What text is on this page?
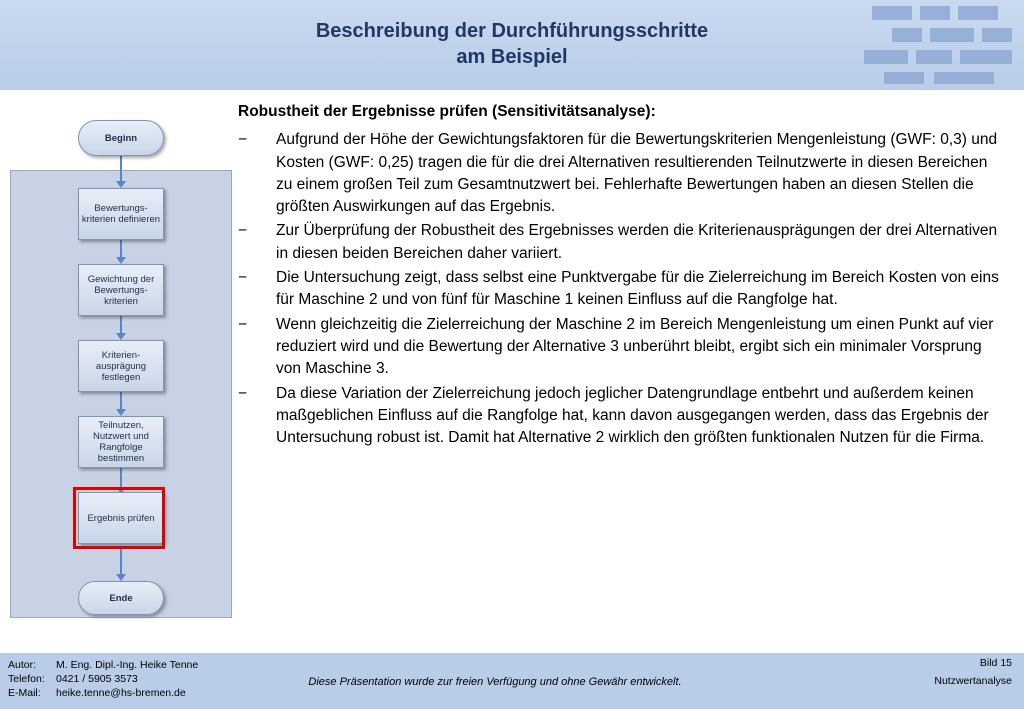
Beschreibung der Durchführungsschritte
am Beispiel
Beginn
Bewertungs-
kriterien definieren
Gewichtung der
Bewertungs-
kriterien
Kriterien-
ausprägung
festlegen
Teilnutzen,
Nutzwert und
Rangfolge
bestimmen
Ergebnis prüfen
Ende
Robustheit der Ergebnisse prüfen (Sensitivitätsanalyse):
− Aufgrund der Höhe der Gewichtungsfaktoren für die Bewertungskriterien Mengenleistung (GWF: 0,3) und Kosten (GWF: 0,25) tragen die für die drei Alternativen resultierenden Teilnutzwerte in diesen Bereichen zu einem großen Teil zum Gesamtnutzwert bei. Fehlerhafte Bewertungen haben an diesen Stellen die größten Auswirkungen auf das Ergebnis.
− Zur Überprüfung der Robustheit des Ergebnisses werden die Kriterienausprägungen der drei Alternativen in diesen beiden Bereichen daher variiert.
− Die Untersuchung zeigt, dass selbst eine Punktvergabe für die Zielerreichung im Bereich Kosten von eins für Maschine 2 und von fünf für Maschine 1 keinen Einfluss auf die Rangfolge hat.
− Wenn gleichzeitig die Zielerreichung der Maschine 2 im Bereich Mengenleistung um einen Punkt auf vier reduziert wird und die Bewertung der Alternative 3 unberührt bleibt, ergibt sich ein minimaler Vorsprung von Maschine 3.
− Da diese Variation der Zielerreichung jedoch jeglicher Datengrundlage entbehrt und außerdem keinen maßgeblichen Einfluss auf die Rangfolge hat, kann davon ausgegangen werden, dass das Ergebnis der Untersuchung robust ist. Damit hat Alternative 2 wirklich den größten funktionalen Nutzen für die Firma.
Autor: M. Eng. Dipl.-Ing. Heike Tenne
Telefon: 0421 / 5905 3573
E-Mail: heike.tenne@hs-bremen.de
Diese Präsentation wurde zur freien Verfügung und ohne Gewähr entwickelt.
Bild 15
Nutzwertanalyse
